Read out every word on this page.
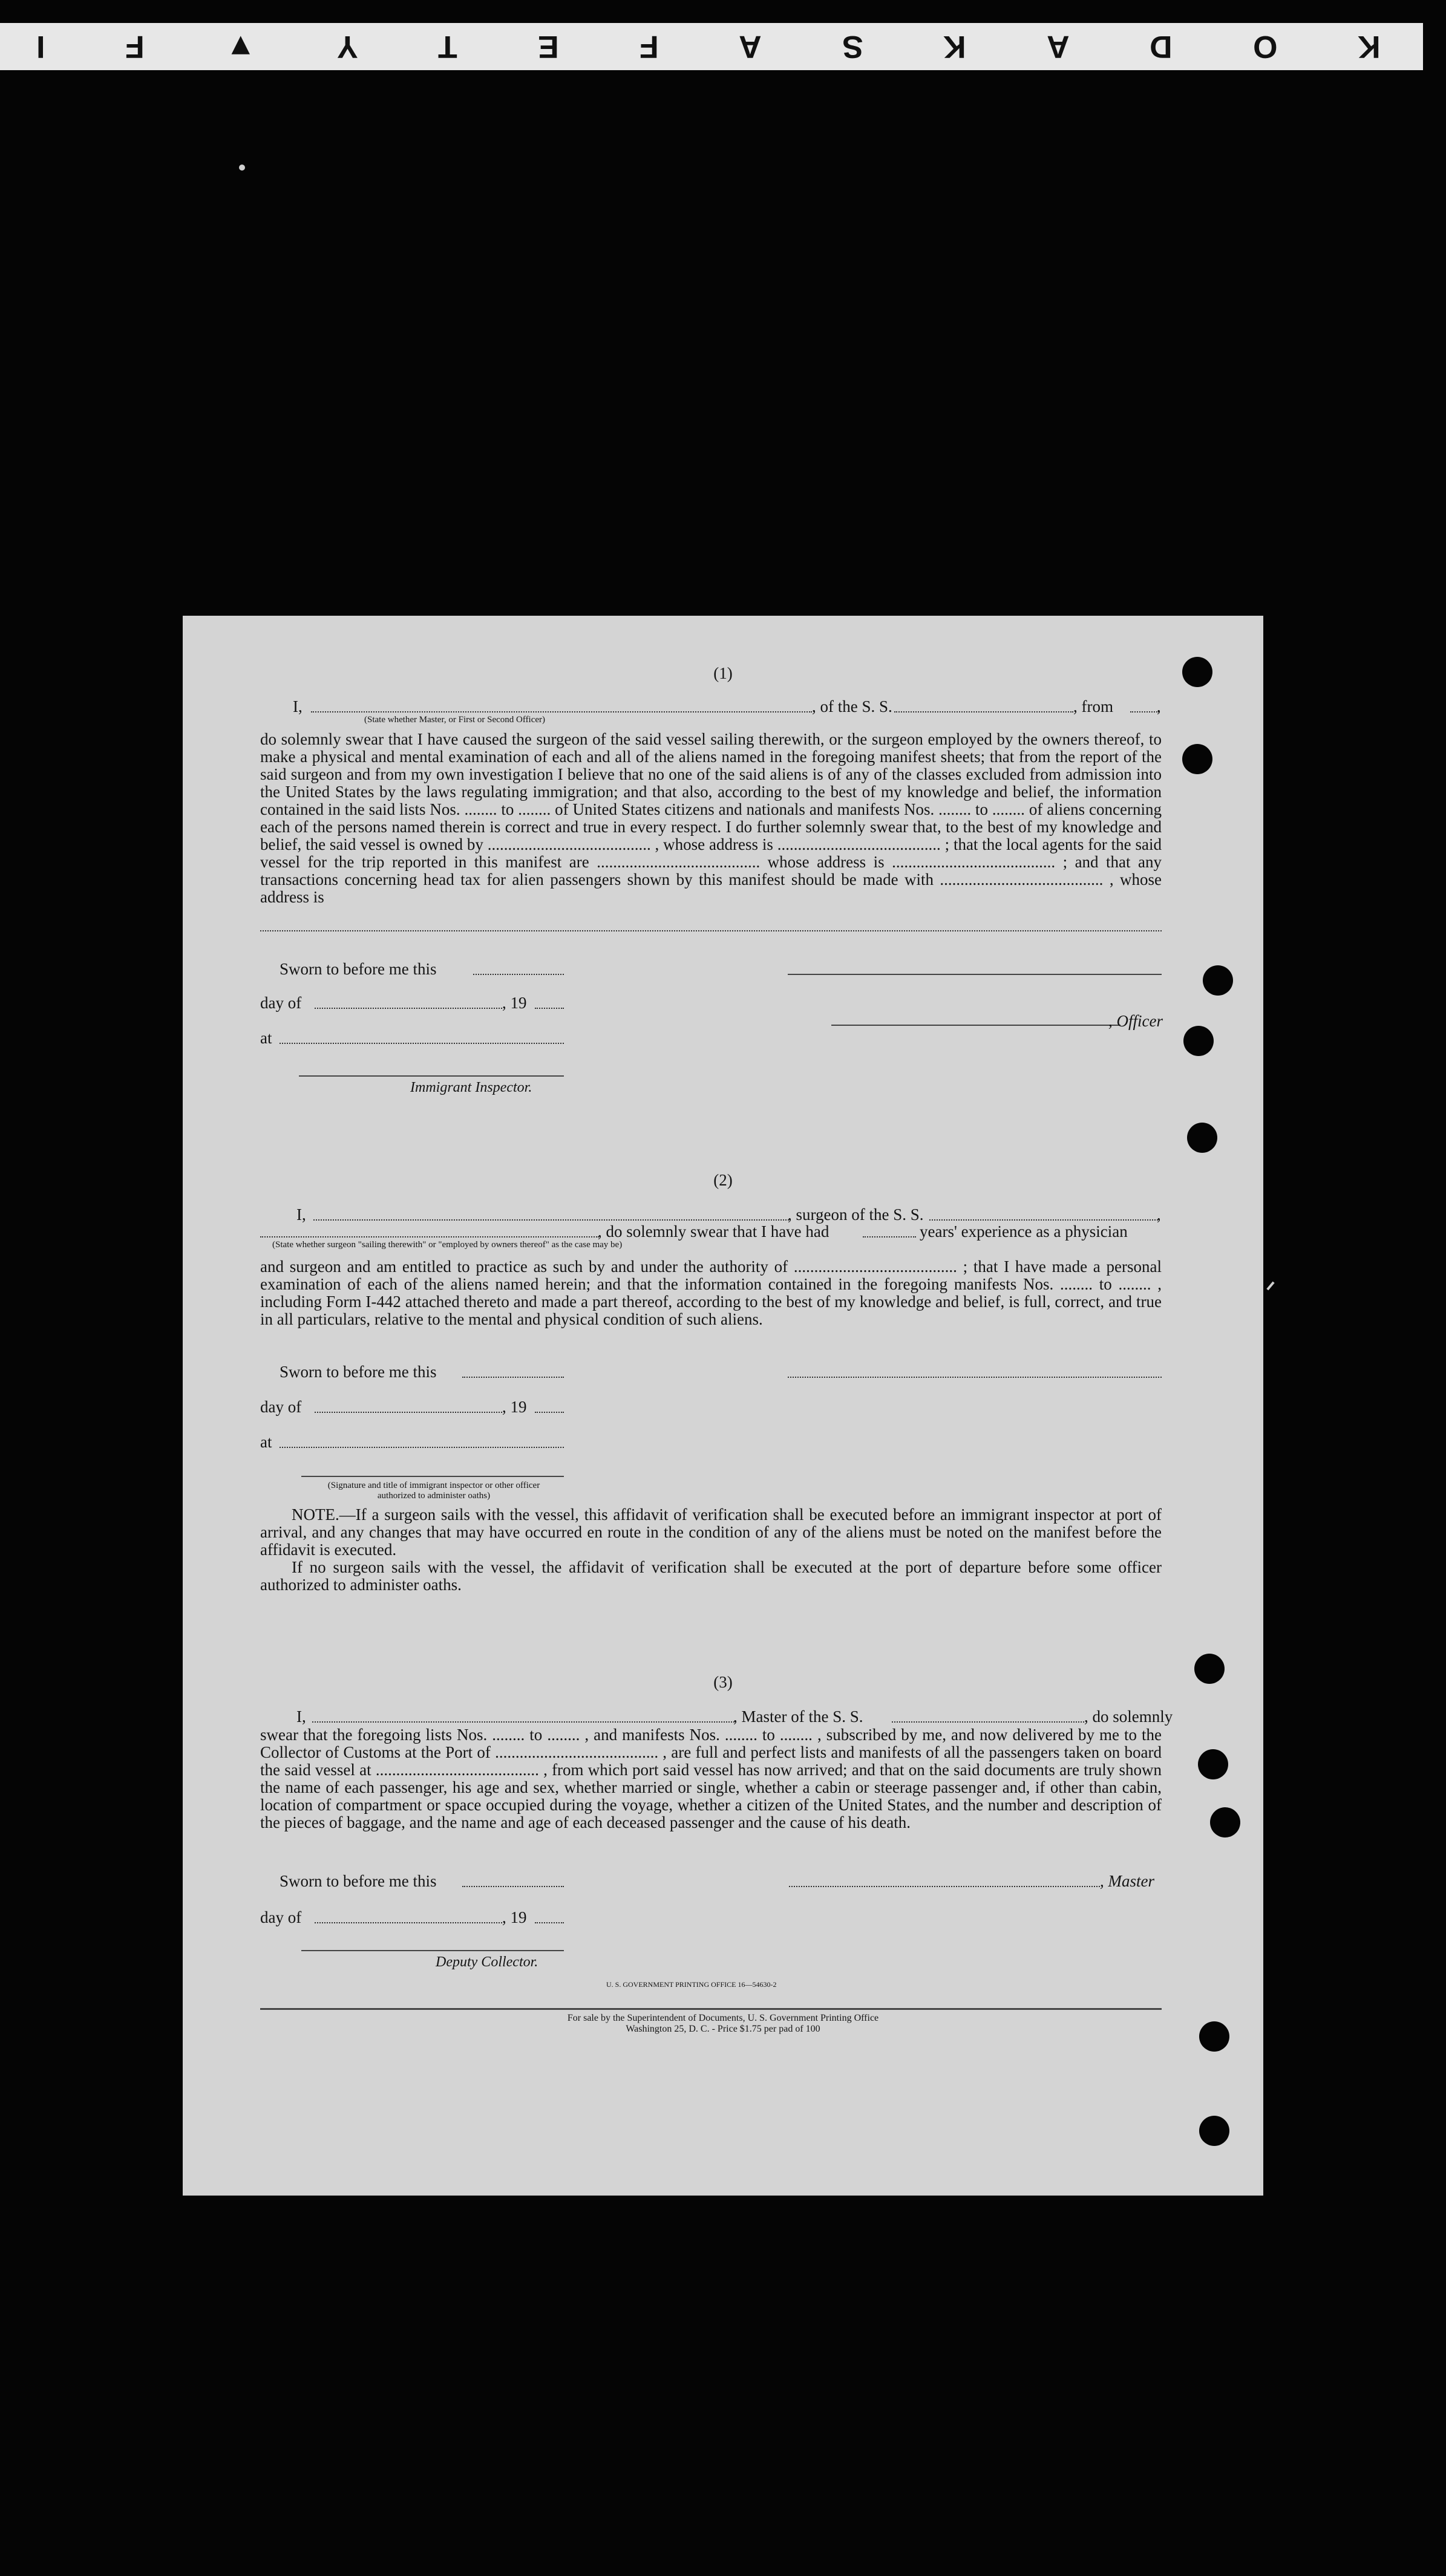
I	F	▼	Y	T	E	F	A	S	K	A	D	O	K
(1)
I,	, of the S. S.	, from	,
(State whether Master, or First or Second Officer)

do solemnly swear that I have caused the surgeon of the said vessel sailing therewith, or the surgeon employed by the owners thereof, to make a physical and mental examination of each and all of the aliens named in the foregoing manifest sheets; that from the report of the said surgeon and from my own investigation I believe that no one of the said aliens is of any of the classes excluded from admission into the United States by the laws regulating immigration; and that also, according to the best of my knowledge and belief, the information contained in the said lists Nos. ........ to ........ of United States citizens and nationals and manifests Nos. ........ to ........ of aliens concerning each of the persons named therein is correct and true in every respect. I do further solemnly swear that, to the best of my knowledge and belief, the said vessel is owned by ........................................ , whose address is ........................................ ; that the local agents for the said vessel for the trip reported in this manifest are ........................................ whose address is ........................................ ; and that any transactions concerning head tax for alien passengers shown by this manifest should be made with ........................................ , whose address is

Sworn to before me this
day of	, 19
, Officer
at
Immigrant Inspector.
(2)
I,	, surgeon of the S. S.	,
, do solemnly swear that I have had	years' experience as a physician
(State whether surgeon "sailing therewith" or "employed by owners thereof" as the case may be)

and surgeon and am entitled to practice as such by and under the authority of ........................................ ; that I have made a personal examination of each of the aliens named herein; and that the information contained in the foregoing manifests Nos. ........ to ........ , including Form I-442 attached thereto and made a part thereof, according to the best of my knowledge and belief, is full, correct, and true in all particulars, relative to the mental and physical condition of such aliens.

Sworn to before me this
day of	, 19
at
(Signature and title of immigrant inspector or other officer authorized to administer oaths)

NOTE.—If a surgeon sails with the vessel, this affidavit of verification shall be executed before an immigrant inspector at port of arrival, and any changes that may have occurred en route in the condition of any of the aliens must be noted on the manifest before the affidavit is executed.

If no surgeon sails with the vessel, the affidavit of verification shall be executed at the port of departure before some officer authorized to administer oaths.

(3)
I,	, Master of the S. S.	, do solemnly

swear that the foregoing lists Nos. ........ to ........ , and manifests Nos. ........ to ........ , subscribed by me, and now delivered by me to the Collector of Customs at the Port of ........................................ , are full and perfect lists and manifests of all the passengers taken on board the said vessel at ........................................ , from which port said vessel has now arrived; and that on the said documents are truly shown the name of each passenger, his age and sex, whether married or single, whether a cabin or steerage passenger and, if other than cabin, location of compartment or space occupied during the voyage, whether a citizen of the United States, and the number and description of the pieces of baggage, and the name and age of each deceased passenger and the cause of his death.

Sworn to before me this	, Master
day of	, 19
Deputy Collector.
U. S. GOVERNMENT PRINTING OFFICE 16—54630-2
For sale by the Superintendent of Documents, U. S. Government Printing Office
Washington 25, D. C. - Price $1.75 per pad of 100
